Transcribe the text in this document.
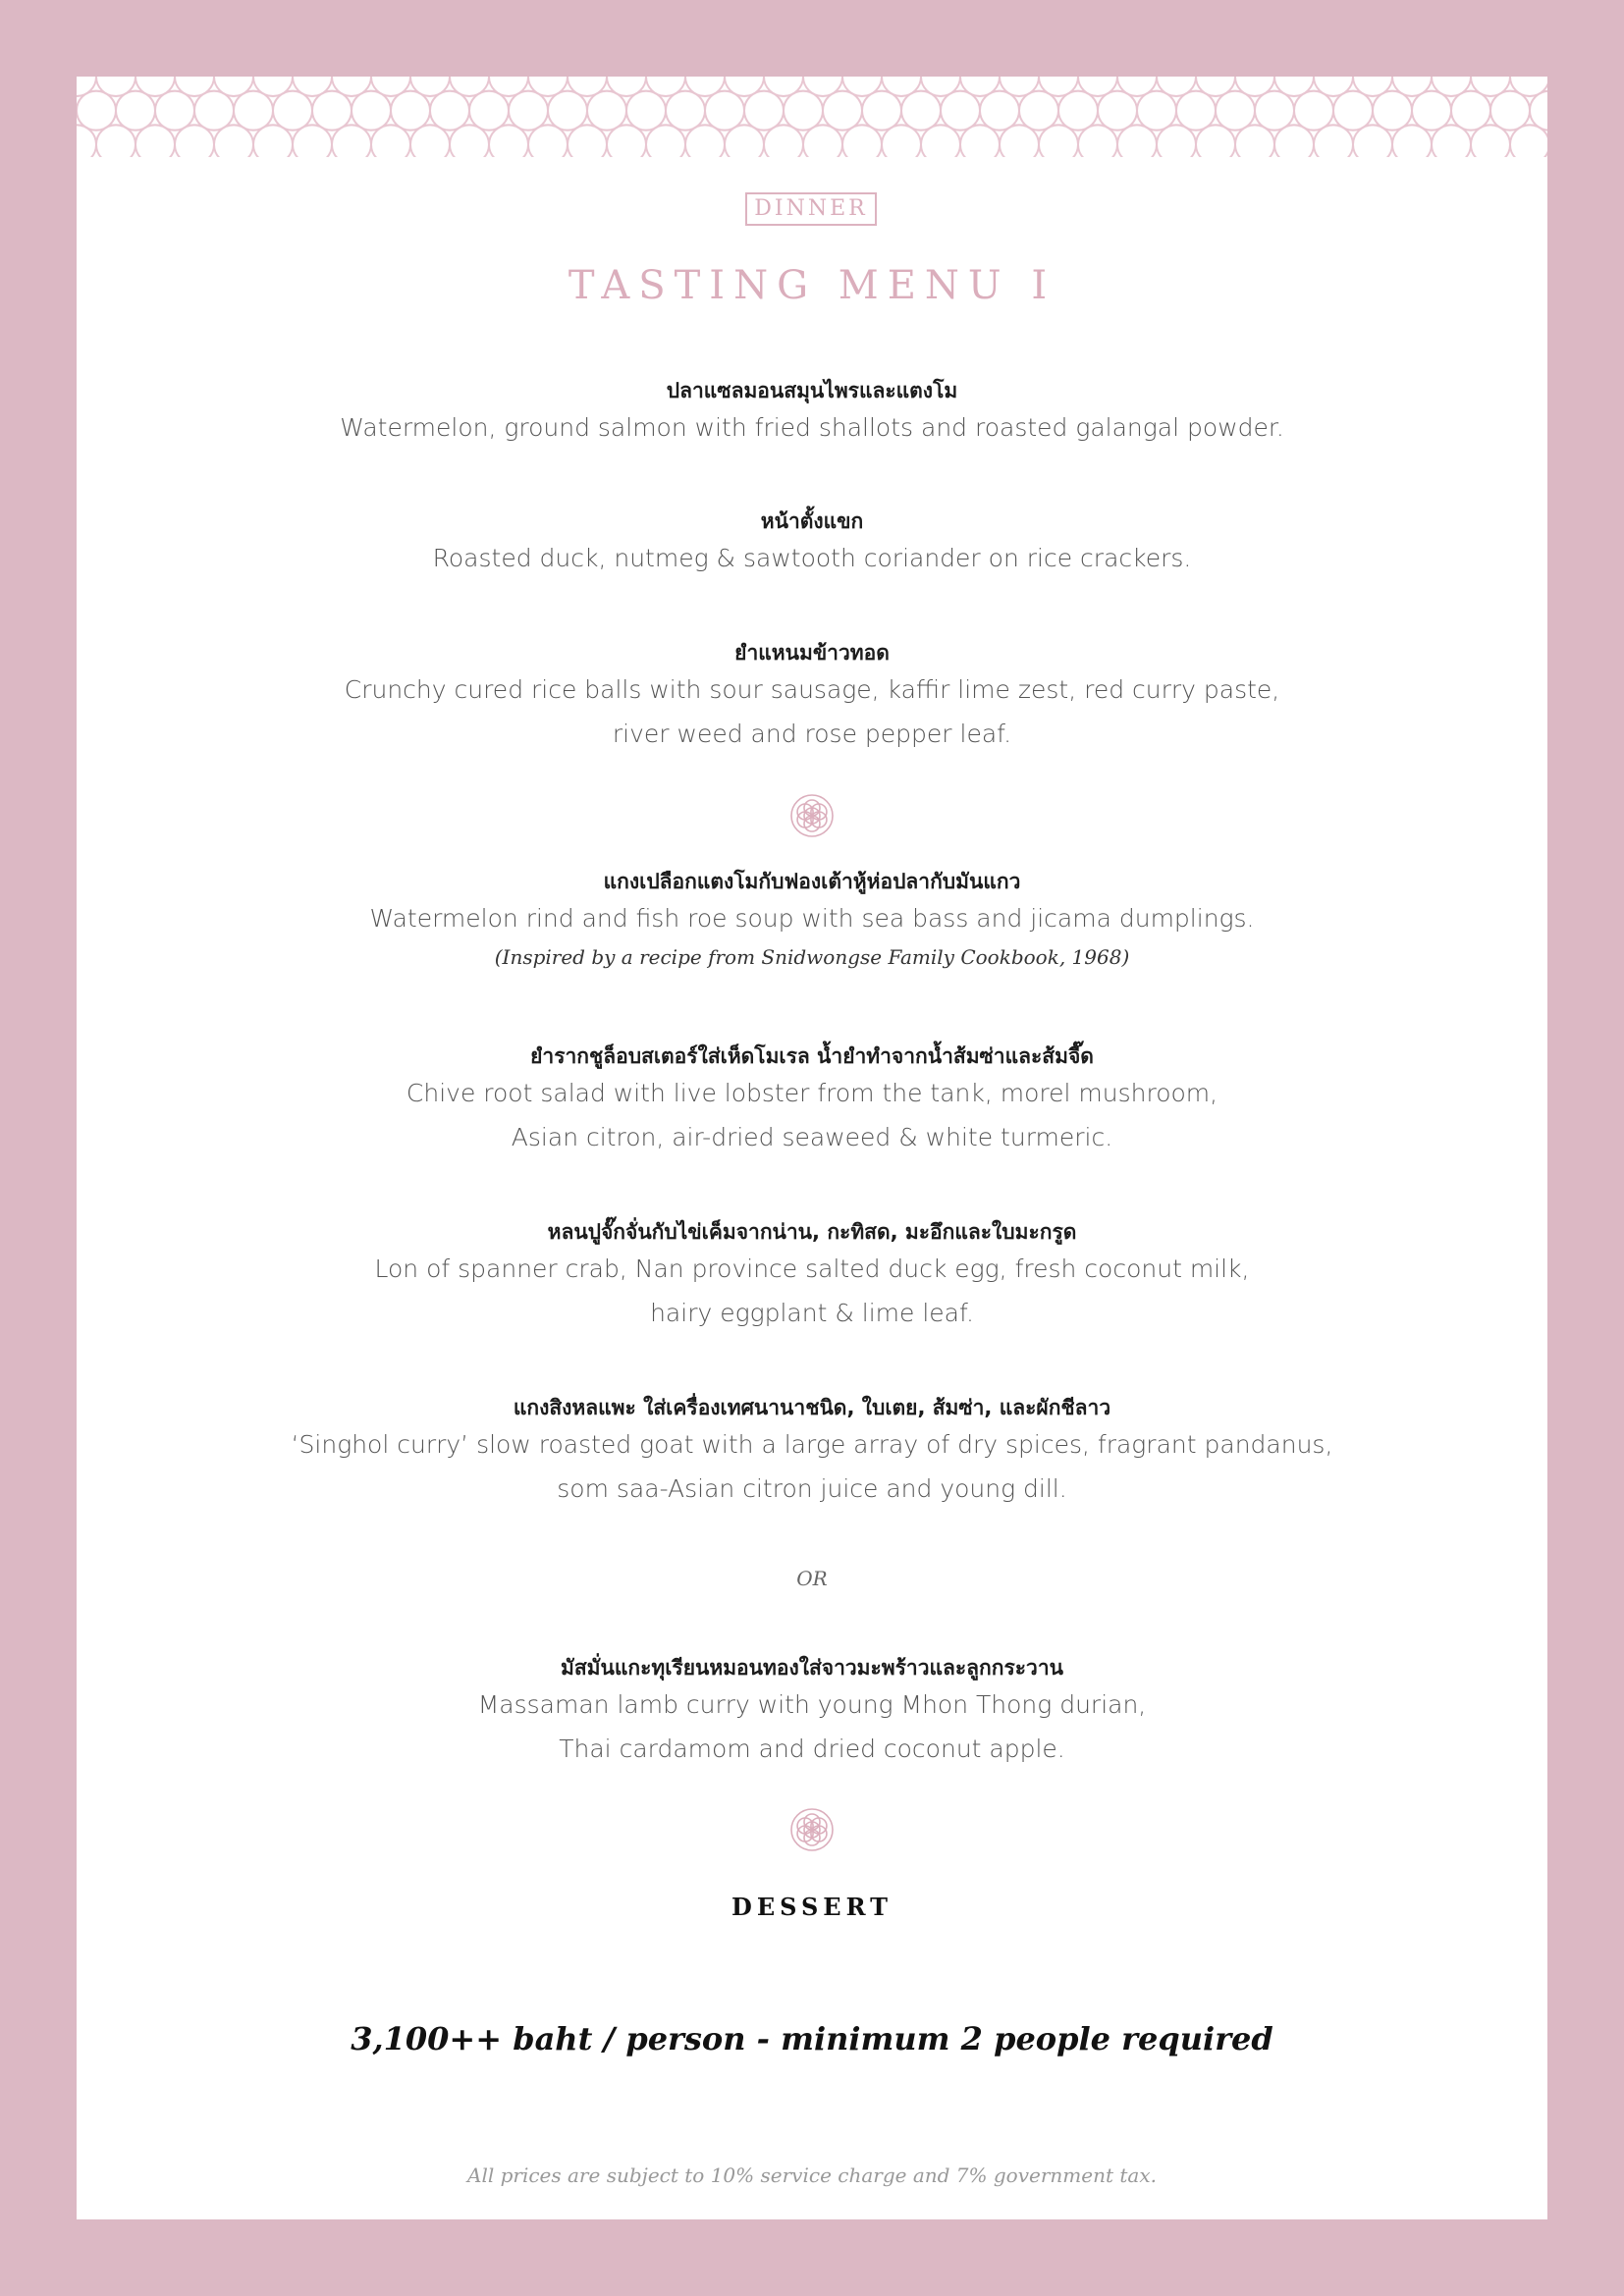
DINNER
TASTING MENU I
ปลาแซลมอนสมุนไพรและแตงโม
Watermelon, ground salmon with fried shallots and roasted galangal powder.
หน้าตั้งแขก
Roasted duck, nutmeg & sawtooth coriander on rice crackers.
ยำแหนมข้าวทอด
Crunchy cured rice balls with sour sausage, kaffir lime zest, red curry paste,
river weed and rose pepper leaf.
แกงเปลือกแตงโมกับฟองเต้าหู้ห่อปลากับมันแกว
Watermelon rind and fish roe soup with sea bass and jicama dumplings.
(Inspired by a recipe from Snidwongse Family Cookbook, 1968)
ยำรากชูล็อบสเตอร์ใส่เห็ดโมเรล น้ำยำทำจากน้ำส้มซ่าและส้มจี๊ด
Chive root salad with live lobster from the tank, morel mushroom,
Asian citron, air-dried seaweed & white turmeric.
หลนปูจั๊กจั่นกับไข่เค็มจากน่าน, กะทิสด, มะอึกและใบมะกรูด
Lon of spanner crab, Nan province salted duck egg, fresh coconut milk,
hairy eggplant & lime leaf.
แกงสิงหลแพะ ใส่เครื่องเทศนานาชนิด, ใบเตย, ส้มซ่า, และผักชีลาว
‘Singhol curry’ slow roasted goat with a large array of dry spices, fragrant pandanus,
som saa-Asian citron juice and young dill.
OR
มัสมั่นแกะทุเรียนหมอนทองใส่จาวมะพร้าวและลูกกระวาน
Massaman lamb curry with young Mhon Thong durian,
Thai cardamom and dried coconut apple.
DESSERT
3,100++ baht / person - minimum 2 people required
All prices are subject to 10% service charge and 7% government tax.
